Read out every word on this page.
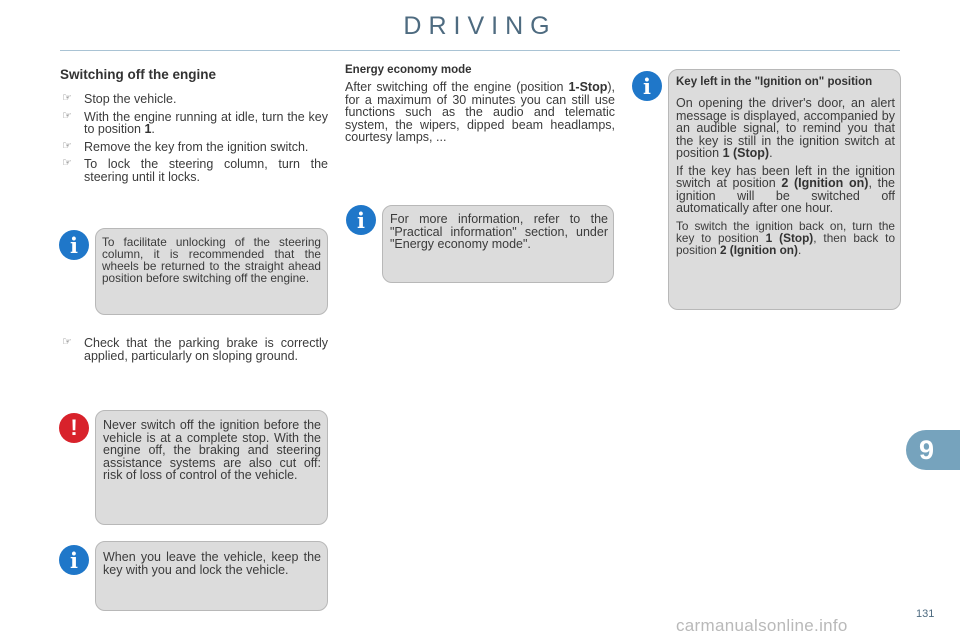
DRIVING
Switching off the engine
☞ Stop the vehicle.
☞ With the engine running at idle, turn the key to position 1.
☞ Remove the key from the ignition switch.
☞ To lock the steering column, turn the steering until it locks.
To facilitate unlocking of the steering column, it is recommended that the wheels be returned to the straight ahead position before switching off the engine.
i
☞ Check that the parking brake is correctly applied, particularly on sloping ground.
Never switch off the ignition before the vehicle is at a complete stop. With the engine off, the braking and steering assistance systems are also cut off: risk of loss of control of the vehicle.
!
When you leave the vehicle, keep the key with you and lock the vehicle.
i
Energy economy mode
After switching off the engine (position 1-Stop), for a maximum of 30 minutes you can still use functions such as the audio and telematic system, the wipers, dipped beam headlamps, courtesy lamps, ...
For more information, refer to the "Practical information" section, under "Energy economy mode".
i
Key left in the "Ignition on" position
On opening the driver's door, an alert message is displayed, accompanied by an audible signal, to remind you that the key is still in the ignition switch at position 1 (Stop).
If the key has been left in the ignition switch at position 2 (Ignition on), the ignition will be switched off automatically after one hour.
To switch the ignition back on, turn the key to position 1 (Stop), then back to position 2 (Ignition on).
i
9
131
carmanualsonline.info
